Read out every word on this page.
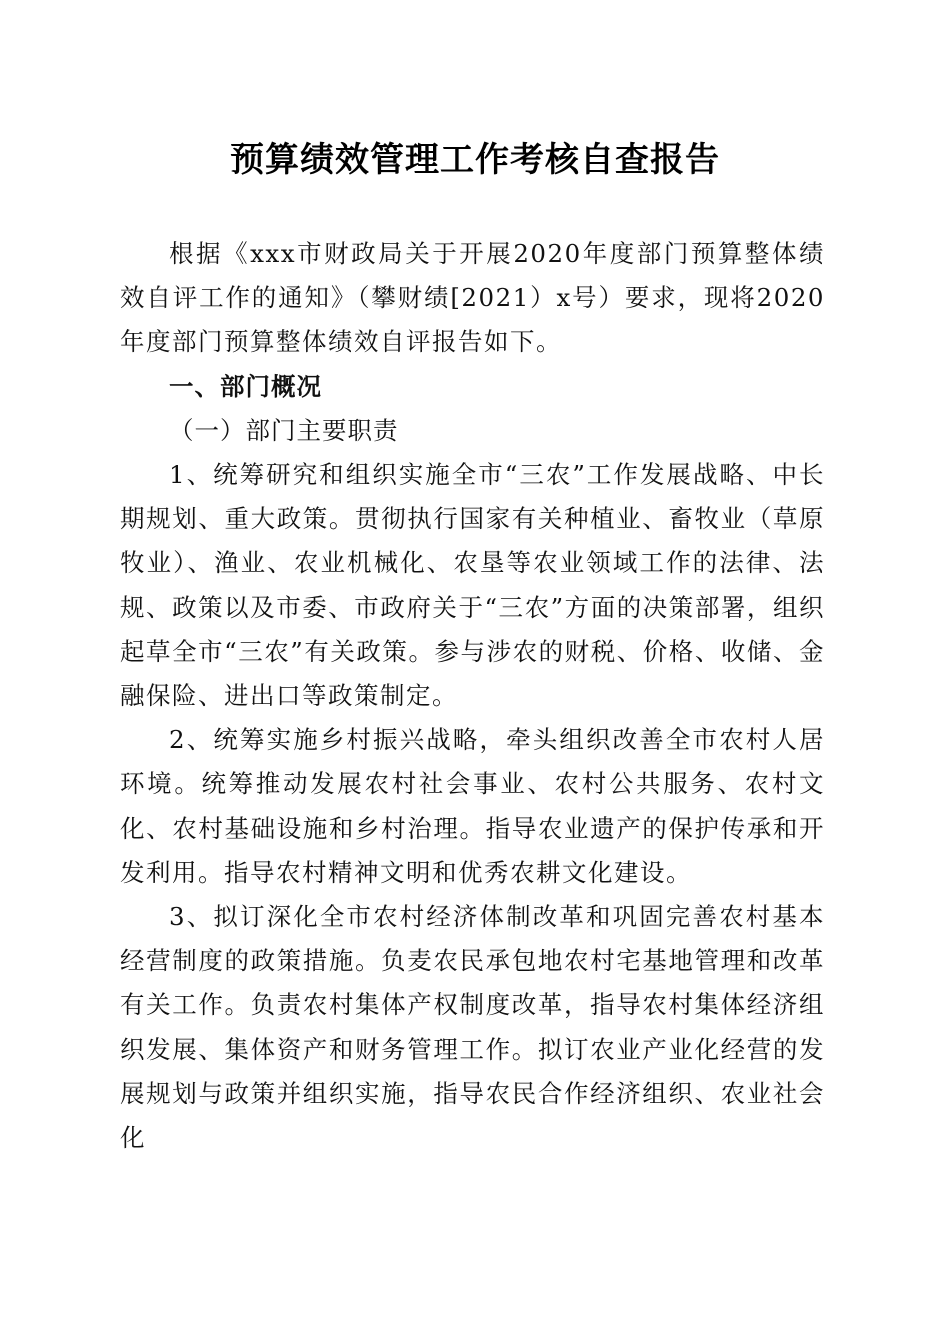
预算绩效管理工作考核自查报告

根据《xxx市财政局关于开展2020年度部门预算整体绩效自评工作的通知》（攀财绩[2021）x号）要求，现将2020年度部门预算整体绩效自评报告如下。

一、部门概况

（一）部门主要职责

1、统筹研究和组织实施全市“三农”工作发展战略、中长期规划、重大政策。贯彻执行国家有关种植业、畜牧业（草原牧业）、渔业、农业机械化、农垦等农业领域工作的法律、法规、政策以及市委、市政府关于“三农”方面的决策部署，组织起草全市“三农”有关政策。参与涉农的财税、价格、收储、金融保险、进出口等政策制定。

2、统筹实施乡村振兴战略，牵头组织改善全市农村人居环境。统筹推动发展农村社会事业、农村公共服务、农村文化、农村基础设施和乡村治理。指导农业遗产的保护传承和开发利用。指导农村精神文明和优秀农耕文化建设。

3、拟订深化全市农村经济体制改革和巩固完善农村基本经营制度的政策措施。负麦农民承包地农村宅基地管理和改革有关工作。负责农村集体产权制度改革，指导农村集体经济组织发展、集体资产和财务管理工作。拟订农业产业化经营的发展规划与政策并组织实施，指导农民合作经济组织、农业社会化
